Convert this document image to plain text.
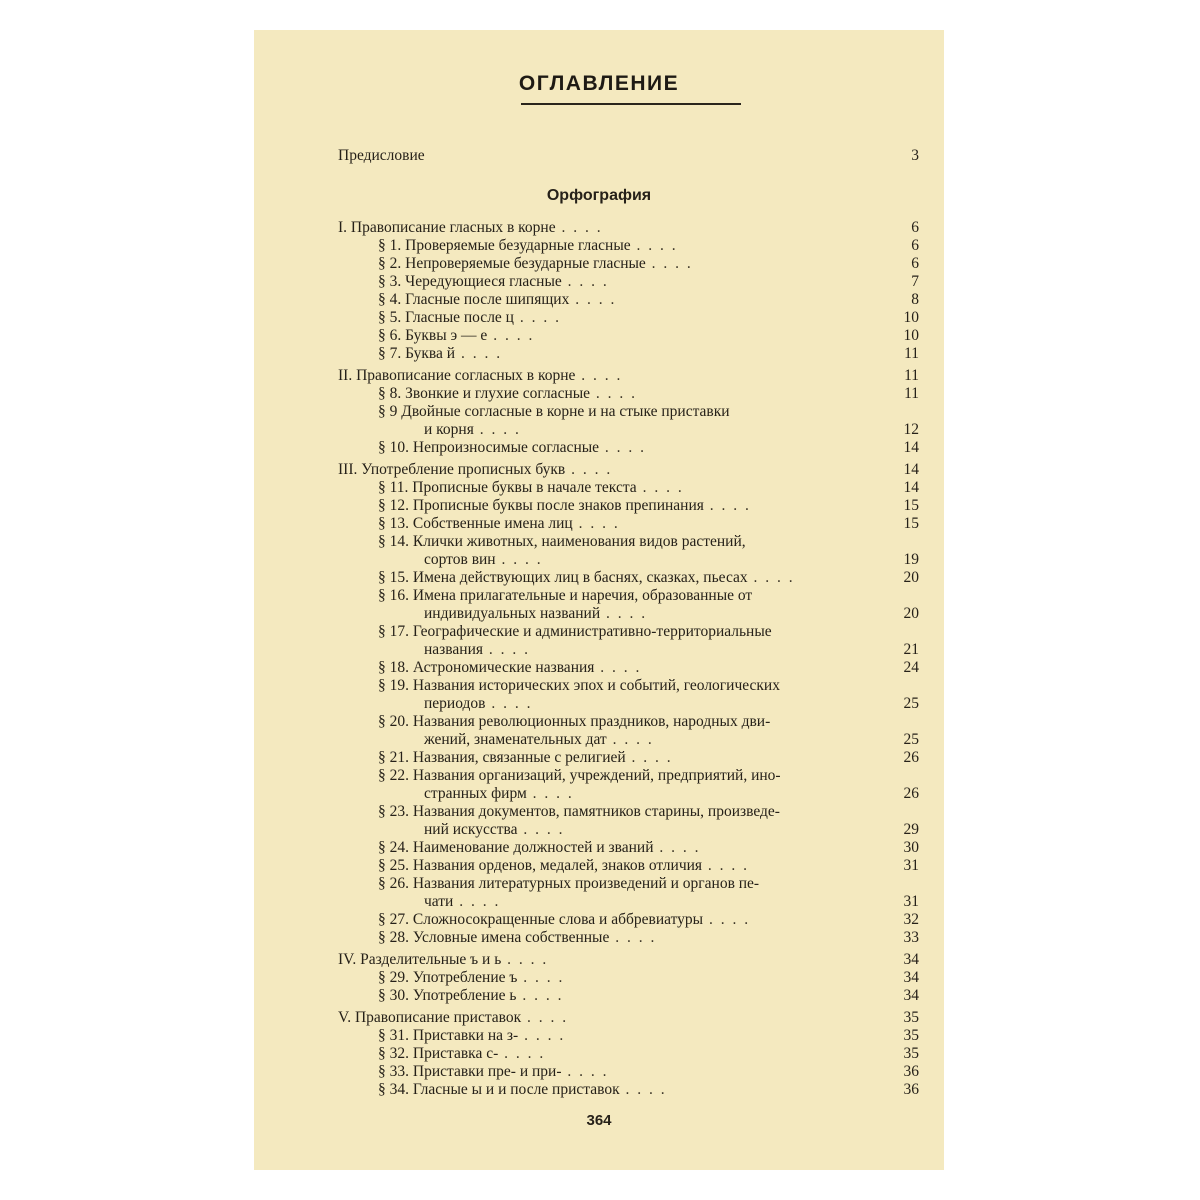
ОГЛАВЛЕНИЕ
Предисловие	3
Орфография
6
I. Правописание гласных в корне . . . .
6
§ 1. Проверяемые безударные гласные . . . .
6
§ 2. Непроверяемые безударные гласные . . . .
7
§ 3. Чередующиеся гласные . . . .
8
§ 4. Гласные после шипящих . . . .
10
§ 5. Гласные после ц . . . .
10
§ 6. Буквы э — е . . . .
11
§ 7. Буква й . . . .
11
II. Правописание согласных в корне . . . .
11
§ 8. Звонкие и глухие согласные . . . .
§ 9 Двойные согласные в корне и на стыке приставки
12
и корня . . . .
14
§ 10. Непроизносимые согласные . . . .
14
III. Употребление прописных букв . . . .
14
§ 11. Прописные буквы в начале текста . . . .
15
§ 12. Прописные буквы после знаков препинания . . . .
15
§ 13. Собственные имена лиц . . . .
§ 14. Клички животных, наименования видов растений,
19
сортов вин . . . .
20
§ 15. Имена действующих лиц в баснях, сказках, пьесах . . . .
§ 16. Имена прилагательные и наречия, образованные от
20
индивидуальных названий . . . .
§ 17. Географические и административно-территориальные
21
названия . . . .
24
§ 18. Астрономические названия . . . .
§ 19. Названия исторических эпох и событий, геологических
25
периодов . . . .
§ 20. Названия революционных праздников, народных дви-
25
жений, знаменательных дат . . . .
26
§ 21. Названия, связанные с религией . . . .
§ 22. Названия организаций, учреждений, предприятий, ино-
26
странных фирм . . . .
§ 23. Названия документов, памятников старины, произведе-
29
ний искусства . . . .
30
§ 24. Наименование должностей и званий . . . .
31
§ 25. Названия орденов, медалей, знаков отличия . . . .
§ 26. Названия литературных произведений и органов пе-
31
чати . . . .
32
§ 27. Сложносокращенные слова и аббревиатуры . . . .
33
§ 28. Условные имена собственные . . . .
34
IV. Разделительные ъ и ь . . . .
34
§ 29. Употребление ъ . . . .
34
§ 30. Употребление ь . . . .
35
V. Правописание приставок . . . .
35
§ 31. Приставки на з- . . . .
35
§ 32. Приставка с- . . . .
36
§ 33. Приставки пре- и при- . . . .
36
§ 34. Гласные ы и и после приставок . . . .
364
